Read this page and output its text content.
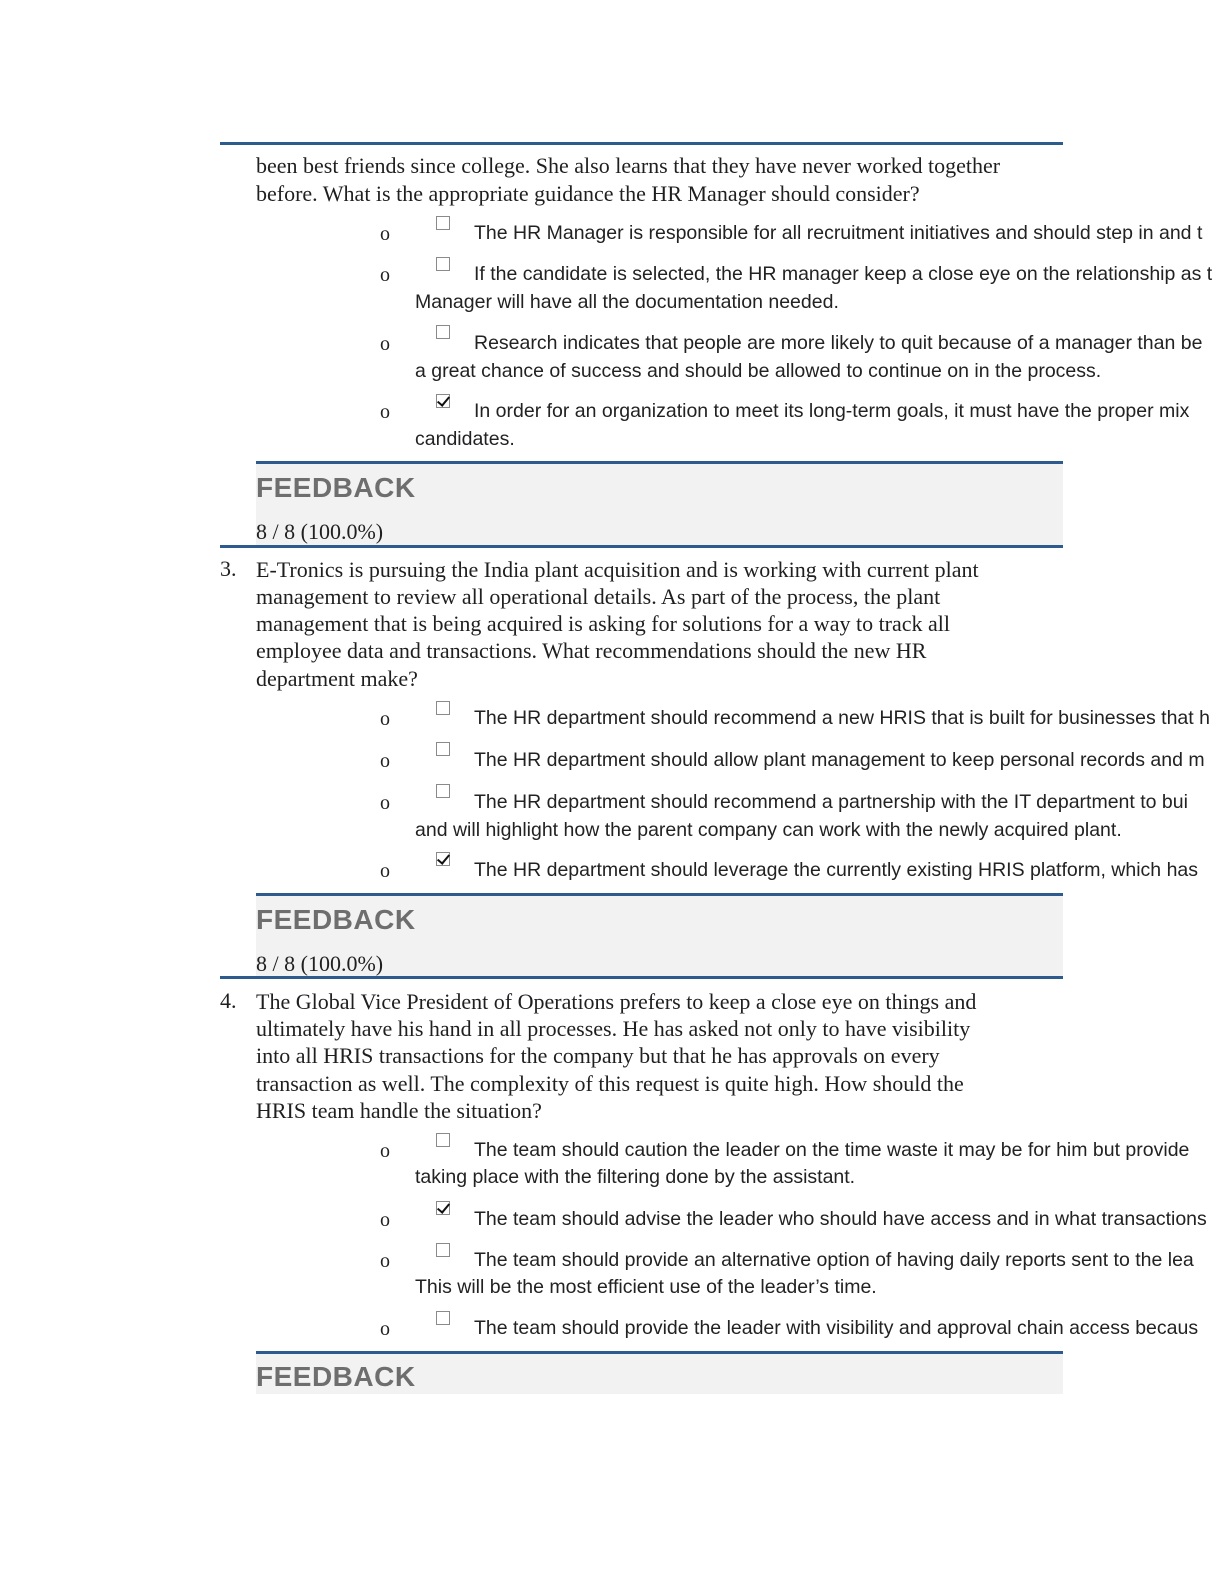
been best friends since college. She also learns that they have never worked together
before. What is the appropriate guidance the HR Manager should consider?
o	The HR Manager is responsible for all recruitment initiatives and should step in and t
o	If the candidate is selected, the HR manager keep a close eye on the relationship as t
Manager will have all the documentation needed.
o	Research indicates that people are more likely to quit because of a manager than be
a great chance of success and should be allowed to continue on in the process.
o	In order for an organization to meet its long-term goals, it must have the proper mix
candidates.
FEEDBACK
8 / 8 (100.0%)
3. E-Tronics is pursuing the India plant acquisition and is working with current plant
management to review all operational details. As part of the process, the plant
management that is being acquired is asking for solutions for a way to track all
employee data and transactions. What recommendations should the new HR
department make?
o	The HR department should recommend a new HRIS that is built for businesses that h
o	The HR department should allow plant management to keep personal records and m
o	The HR department should recommend a partnership with the IT department to bui
and will highlight how the parent company can work with the newly acquired plant.
o	The HR department should leverage the currently existing HRIS platform, which has
FEEDBACK
8 / 8 (100.0%)
4. The Global Vice President of Operations prefers to keep a close eye on things and
ultimately have his hand in all processes. He has asked not only to have visibility
into all HRIS transactions for the company but that he has approvals on every
transaction as well. The complexity of this request is quite high. How should the
HRIS team handle the situation?
o	The team should caution the leader on the time waste it may be for him but provide
taking place with the filtering done by the assistant.
o	The team should advise the leader who should have access and in what transactions
o	The team should provide an alternative option of having daily reports sent to the lea
This will be the most efficient use of the leader’s time.
o	The team should provide the leader with visibility and approval chain access becaus
FEEDBACK
